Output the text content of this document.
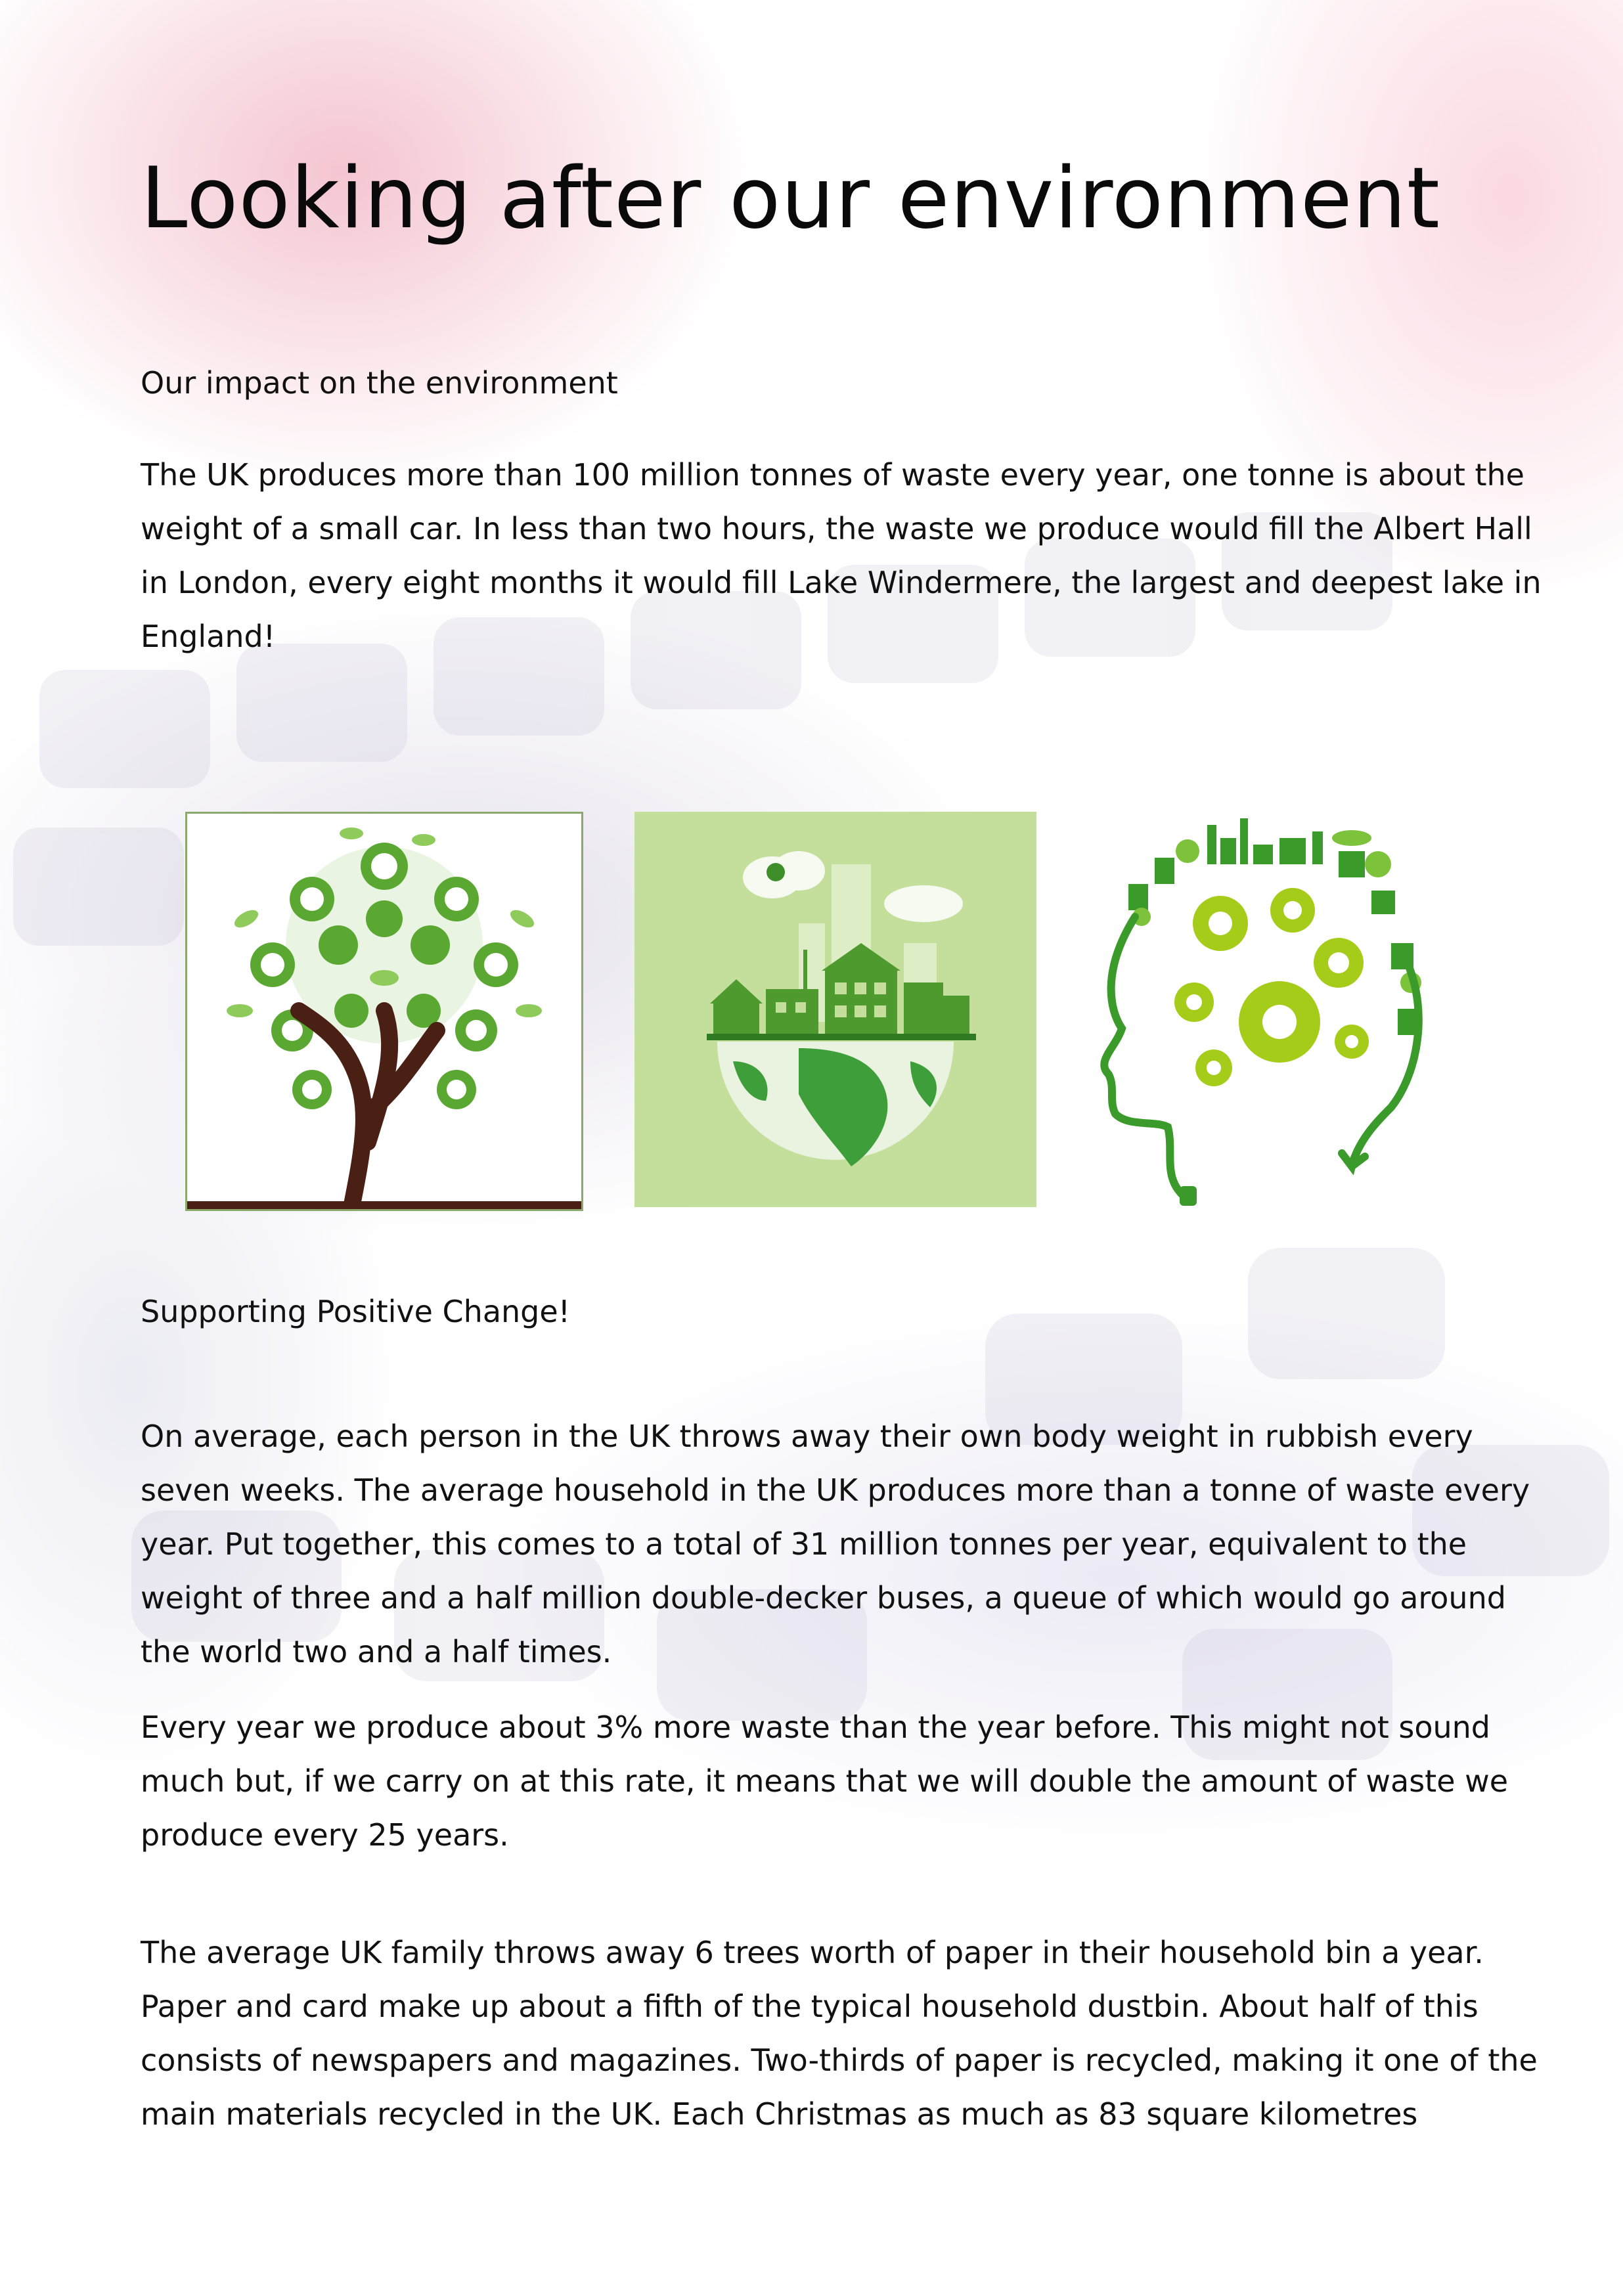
Looking after our environment

Our impact on the environment

The UK produces more than 100 million tonnes of waste every year, one tonne is about the weight of a small car. In less than two hours, the waste we produce would fill the Albert Hall in London, every eight months it would fill Lake Windermere, the largest and deepest lake in England!

Supporting Positive Change!

On average, each person in the UK throws away their own body weight in rubbish every seven weeks. The average household in the UK produces more than a tonne of waste every year. Put together, this comes to a total of 31 million tonnes per year, equivalent to the weight of three and a half million double-decker buses, a queue of which would go around the world two and a half times.

Every year we produce about 3% more waste than the year before. This might not sound much but, if we carry on at this rate, it means that we will double the amount of waste we produce every 25 years.

The average UK family throws away 6 trees worth of paper in their household bin a year. Paper and card make up about a fifth of the typical household dustbin. About half of this consists of newspapers and magazines. Two-thirds of paper is recycled, making it one of the main materials recycled in the UK. Each Christmas as much as 83 square kilometres
